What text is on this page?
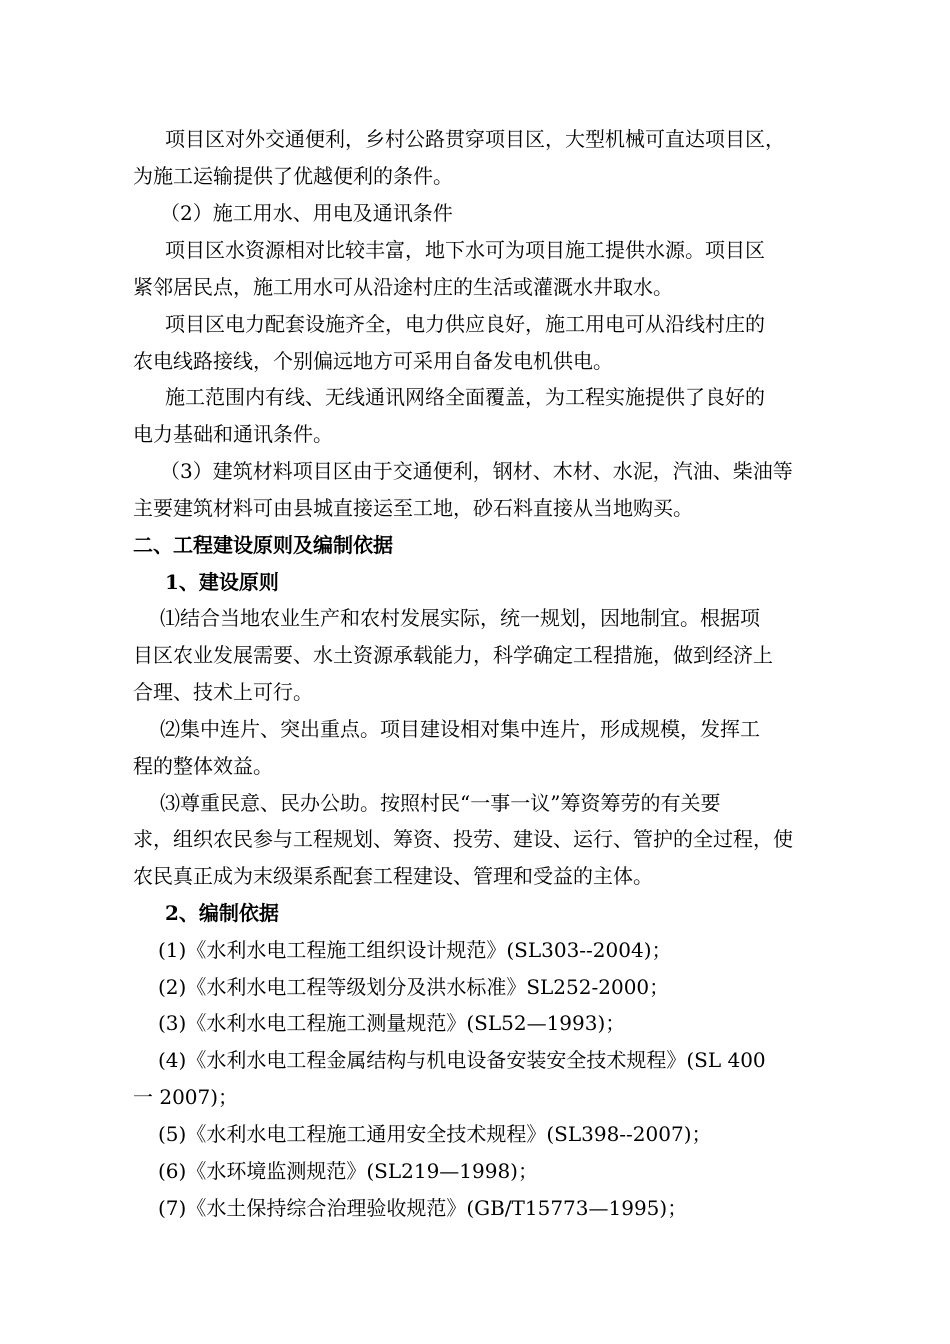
项目区对外交通便利，乡村公路贯穿项目区，大型机械可直达项目区，

为施工运输提供了优越便利的条件。

（2）施工用水、用电及通讯条件

项目区水资源相对比较丰富，地下水可为项目施工提供水源。项目区

紧邻居民点，施工用水可从沿途村庄的生活或灌溉水井取水。

项目区电力配套设施齐全，电力供应良好，施工用电可从沿线村庄的

农电线路接线，个别偏远地方可采用自备发电机供电。

施工范围内有线、无线通讯网络全面覆盖，为工程实施提供了良好的

电力基础和通讯条件。

（3）建筑材料项目区由于交通便利，钢材、木材、水泥，汽油、柴油等

主要建筑材料可由县城直接运至工地，砂石料直接从当地购买。

二、工程建设原则及编制依据

1、建设原则

⑴结合当地农业生产和农村发展实际，统一规划，因地制宜。根据项

目区农业发展需要、水土资源承载能力，科学确定工程措施，做到经济上

合理、技术上可行。

⑵集中连片、突出重点。项目建设相对集中连片，形成规模，发挥工

程的整体效益。

⑶尊重民意、民办公助。按照村民“一事一议”筹资筹劳的有关要

求，组织农民参与工程规划、筹资、投劳、建设、运行、管护的全过程，使

农民真正成为末级渠系配套工程建设、管理和受益的主体。

2、编制依据

(1)《水利水电工程施工组织设计规范》(SL303--2004)；

(2)《水利水电工程等级划分及洪水标准》SL252-2000；

(3)《水利水电工程施工测量规范》(SL52—1993)；

(4)《水利水电工程金属结构与机电设备安装安全技术规程》(SL 400

一 2007)；

(5)《水利水电工程施工通用安全技术规程》(SL398--2007)；

(6)《水环境监测规范》(SL219—1998)；

(7)《水土保持综合治理验收规范》(GB/T15773—1995)；
